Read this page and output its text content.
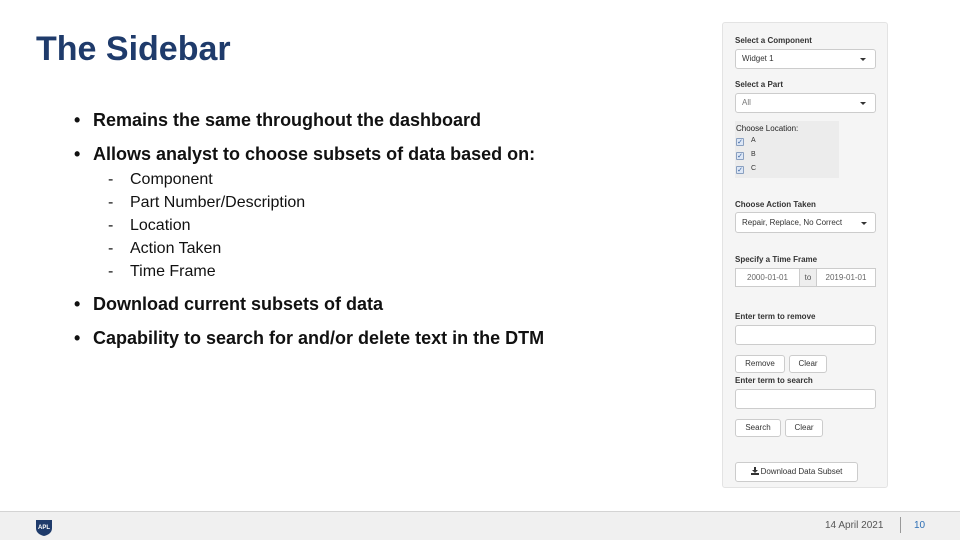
The Sidebar
• Remains the same throughout the dashboard
• Allows analyst to choose subsets of data based on:
- Component
- Part Number/Description
- Location
- Action Taken
- Time Frame
• Download current subsets of data
• Capability to search for and/or delete text in the DTM
Select a Component
Widget 1
Select a Part
All
Choose Location:
✓ A
✓ B
✓ C
Choose Action Taken
Repair, Replace, No Correct
Specify a Time Frame
2000-01-01	to	2019-01-01
Enter term to remove
Remove	Clear
Enter term to search
Search	Clear
Download Data Subset
APL	14 April 2021	10
